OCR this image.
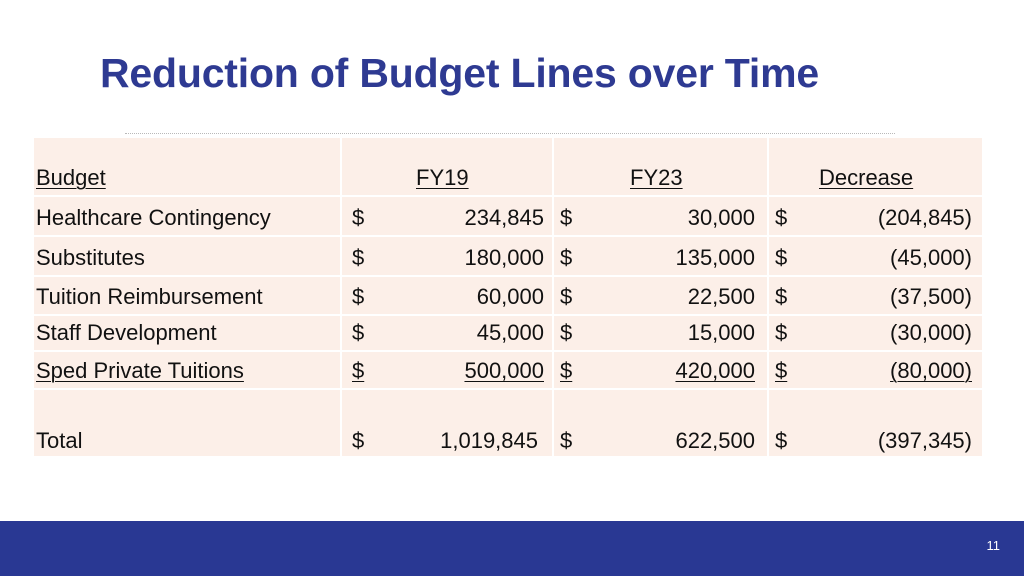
Reduction of Budget Lines over Time
Budget	FY19	FY23	Decrease
Healthcare Contingency	$	234,845 $	30,000 $	(204,845)
Substitutes	$	180,000 $	135,000 $	(45,000)
Tuition Reimbursement	$	60,000 $	22,500 $	(37,500)
Staff Development	$	45,000 $	15,000 $	(30,000)
Sped Private Tuitions	$	500,000 $	420,000 $	(80,000)
Total	$	1,019,845 $	622,500 $	(397,345)
11
